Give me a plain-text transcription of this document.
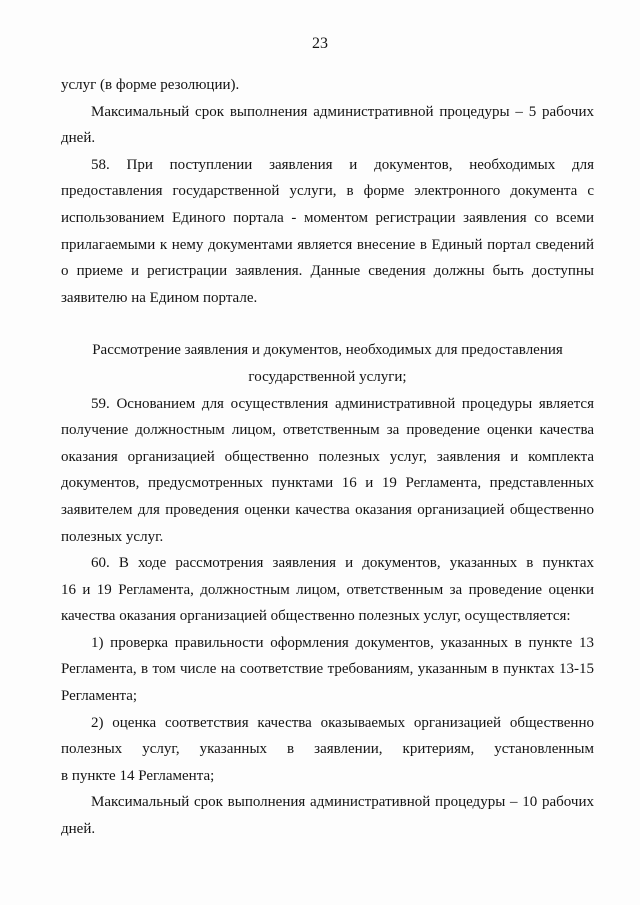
23

услуг (в форме резолюции).

Максимальный срок выполнения административной процедуры – 5 рабочих
дней.

58. При поступлении заявления и документов, необходимых для
предоставления государственной услуги, в форме электронного документа с
использованием Единого портала - моментом регистрации заявления со всеми
прилагаемыми к нему документами является внесение в Единый портал сведений
о приеме и регистрации заявления. Данные сведения должны быть доступны
заявителю на Едином портале.

Рассмотрение заявления и документов, необходимых для предоставления
государственной услуги;

59. Основанием для осуществления административной процедуры является
получение должностным лицом, ответственным за проведение оценки качества
оказания организацией общественно полезных услуг, заявления и комплекта
документов, предусмотренных пунктами 16 и 19 Регламента, представленных
заявителем для проведения оценки качества оказания организацией общественно
полезных услуг.

60. В ходе рассмотрения заявления и документов, указанных в пунктах
16 и 19 Регламента, должностным лицом, ответственным за проведение оценки
качества оказания организацией общественно полезных услуг, осуществляется:

1) проверка правильности оформления документов, указанных в пункте 13
Регламента, в том числе на соответствие требованиям, указанным в пунктах 13-15
Регламента;

2) оценка соответствия качества оказываемых организацией общественно
полезных услуг, указанных в заявлении, критериям, установленным
в пункте 14 Регламента;

Максимальный срок выполнения административной процедуры – 10 рабочих
дней.
